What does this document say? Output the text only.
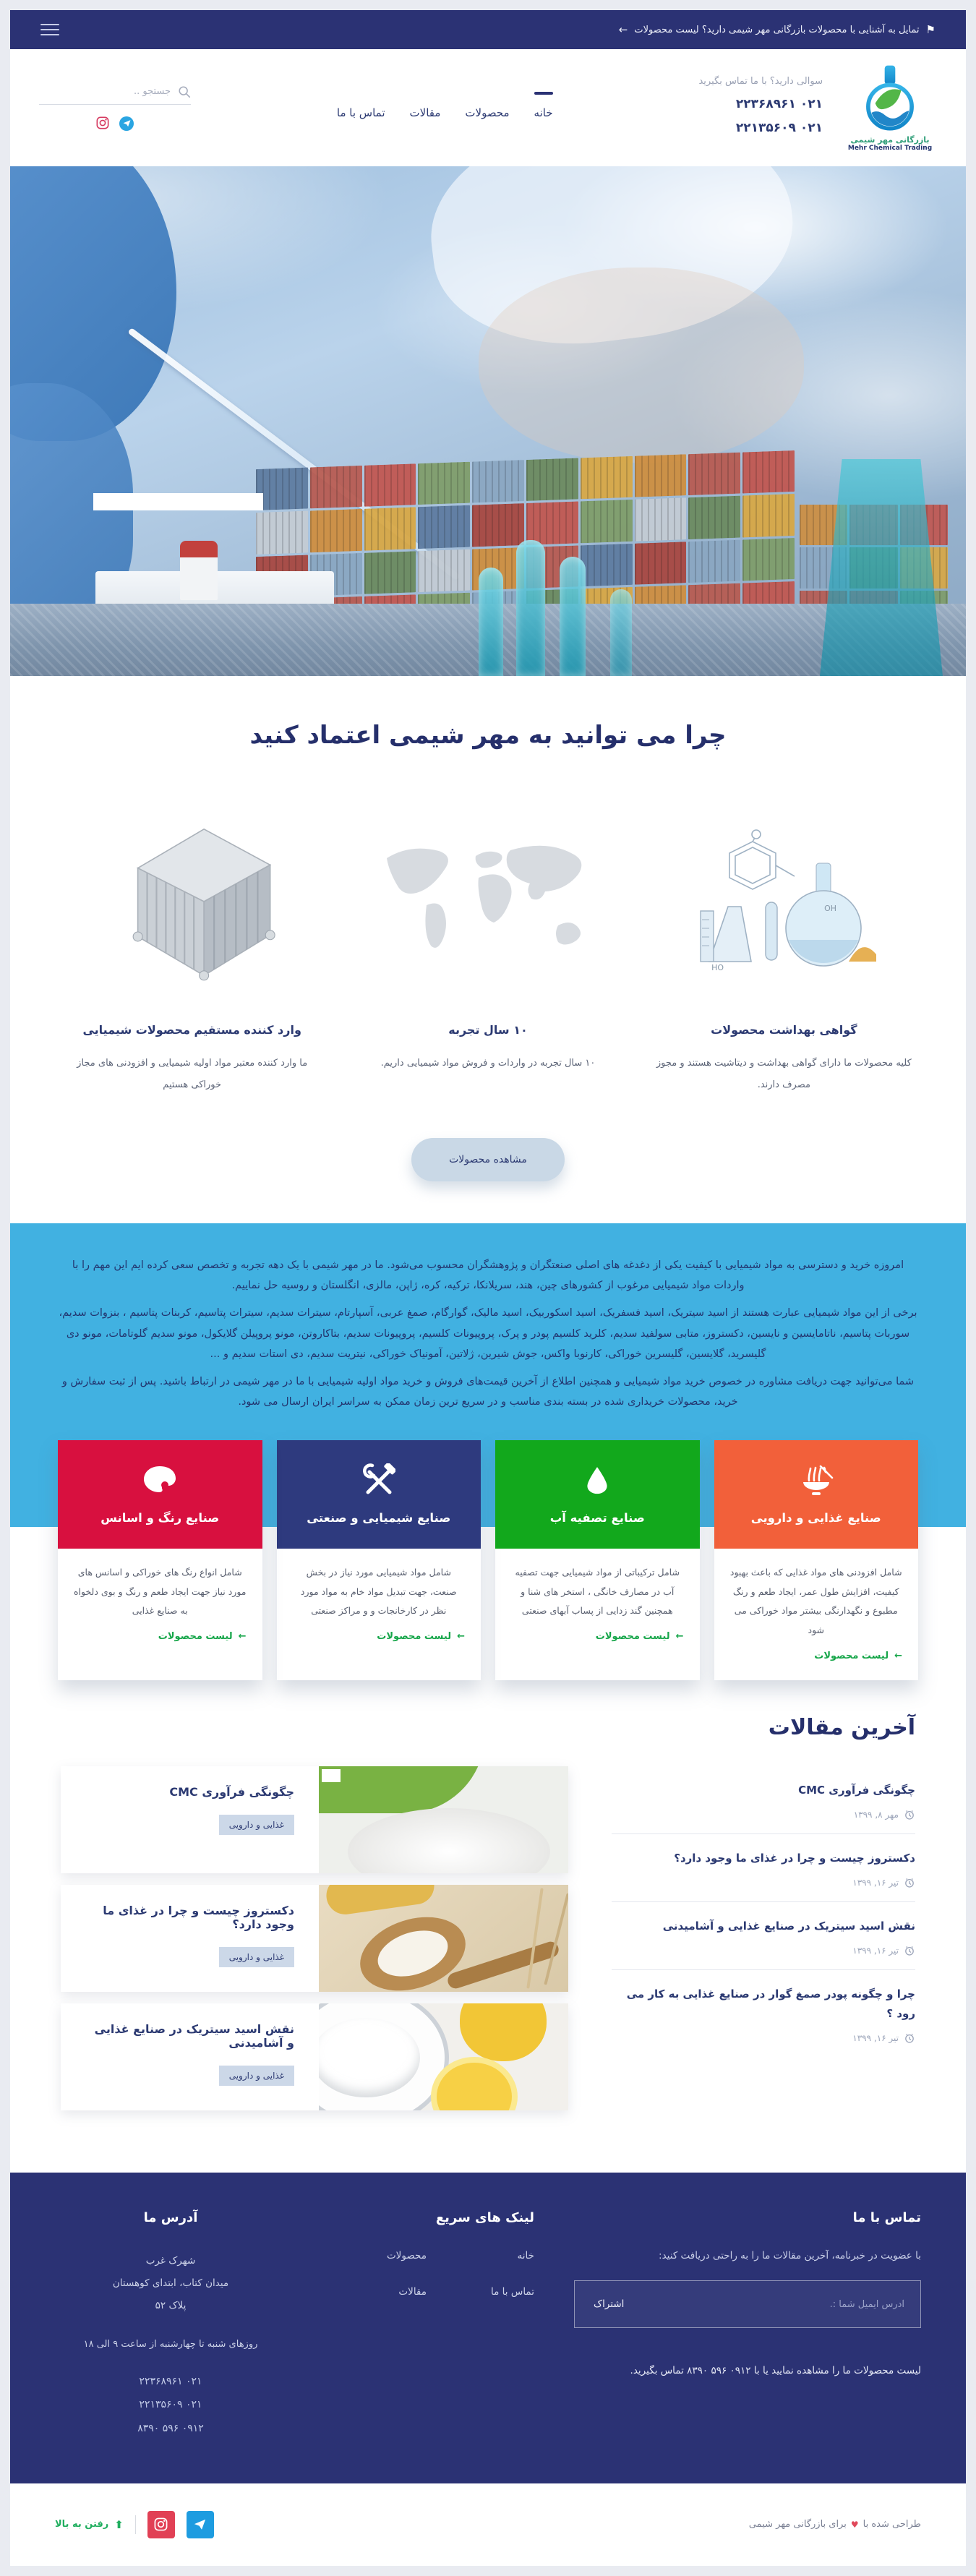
⚑
تمایل به آشنایی با محصولات بازرگانی مهر شیمی دارید؟ لیست محصولات
←
بازرگانی مهر شیمی
Mehr Chemical Trading
سوالی دارید؟ با ما تماس بگیرید
۰۲۱ ۲۲۳۶۸۹۶۱
۰۲۱ ۲۲۱۳۵۶۰۹
خانه
محصولات
مقالات
تماس با ما
جستجو ..
چرا می توانید به مهر شیمی اعتماد کنید
OH
HO
گواهی بهداشت محصولات

کلیه محصولات ما دارای گواهی بهداشت و دیتاشیت هستند و مجوز مصرف دارند.

۱۰ سال تجربه

۱۰ سال تجربه در واردات و فروش مواد شیمیایی داریم.

وارد کننده مستقیم محصولات شیمیایی

ما وارد کننده معتبر مواد اولیه شیمیایی و افزودنی های مجاز خوراکی هستیم

مشاهده محصولات

امروزه خرید و دسترسی به مواد شیمیایی با کیفیت یکی از دغدغه های اصلی صنعتگران و پژوهشگران محسوب می‌شود. ما در مهر شیمی با یک دهه تجربه و تخصص سعی کرده ایم این مهم را با واردات مواد شیمیایی مرغوب از کشورهای چین، هند، سریلانکا، ترکیه، کره، ژاپن، مالزی، انگلستان و روسیه حل نماییم.

برخی از این مواد شیمیایی عبارت هستند از اسید سیتریک، اسید فسفریک، اسید اسکوربیک، اسید مالیک، گوارگام، صمغ عربی، آسپارتام، سیترات سدیم، سیترات پتاسیم، کربنات پتاسیم ، بنزوات سدیم، سوربات پتاسیم، ناتامایسین و نایسین، دکستروز، متابی سولفید سدیم، کلرید کلسیم پودر و پرک، پروپیونات کلسیم، پروپیونات سدیم، بتاکاروتن، مونو پروپیلن گلایکول، مونو سدیم گلوتامات، مونو دی گلیسرید، گلایسین، گلیسرین خوراکی، کارنوبا واکس، جوش شیرین، ژلاتین، آمونیاک خوراکی، نیتریت سدیم، دی استات سدیم و ...

شما می‌توانید جهت دریافت مشاوره در خصوص خرید مواد شیمیایی و همچنین اطلاع از آخرین قیمت‌های فروش و خرید مواد اولیه شیمیایی با ما در مهر شیمی در ارتباط باشید. پس از ثبت سفارش و خرید، محصولات خریداری شده در بسته بندی مناسب و در سریع ترین زمان ممکن به سراسر ایران ارسال می شود.

صنایع غذایی و دارویی

شامل افزودنی های مواد غذایی که باعث بهبود کیفیت، افزایش طول عمر، ایجاد طعم و رنگ مطبوع و نگهدارنگی بیشتر مواد خوراکی می شود

←
لیست محصولات
صنایع تصفیه آب

شامل ترکیباتی از مواد شیمیایی جهت تصفیه آب در مصارف خانگی ، استخر های شنا و همچنین گند زدایی از پساب آبهای صنعتی

←
لیست محصولات
صنایع شیمیایی و صنعتی

شامل مواد شیمیایی مورد نیاز در بخش صنعت، جهت تبدیل مواد خام به مواد مورد نظر در کارخانجات و و مراکز صنعتی

←
لیست محصولات
صنایع رنگ و اسانس

شامل انواع رنگ های خوراکی و اسانس های مورد نیاز جهت ایجاد طعم و رنگ و بوی دلخواه به صنایع غذایی

←
لیست محصولات
آخرین مقالات
چگونگی فرآوری CMC
مهر ۸, ۱۳۹۹
دکستروز چیست و چرا در غذای ما وجود دارد؟
تیر ۱۶, ۱۳۹۹
نقش اسید سیتریک در صنایع غذایی و آشامیدنی
تیر ۱۶, ۱۳۹۹
چرا و چگونه پودر صمغ گوار در صنایع غذایی به کار می رود ؟
تیر ۱۶, ۱۳۹۹
چگونگی فرآوری CMC
غذایی و دارویی
دکستروز چیست و چرا در غذای ما وجود دارد؟
غذایی و دارویی
نقش اسید سیتریک در صنایع غذایی و آشامیدنی
غذایی و دارویی
تماس با ما
با عضویت در خبرنامه، آخرین مقالات ما را به راحتی دریافت کنید:
آدرس ایمیل شما :.
اشتراک
لیست محصولات ما را مشاهده نمایید یا با ۰۹۱۲ ۵۹۶ ۸۳۹۰ تماس بگیرید.
لینک های سریع
خانه
محصولات
تماس با ما
مقالات
آدرس ما
شهرک غرب
میدان کتاب، ابتدای کوهستان
پلاک ۵۲
روزهای شنبه تا چهارشنبه از ساعت ۹ الی ۱۸
۰۲۱ ۲۲۳۶۸۹۶۱
۰۲۱ ۲۲۱۳۵۶۰۹
۰۹۱۲ ۵۹۶ ۸۳۹۰
طراحی شده با
♥
برای بازرگانی مهر شیمی
⬆
رفتن به بالا
